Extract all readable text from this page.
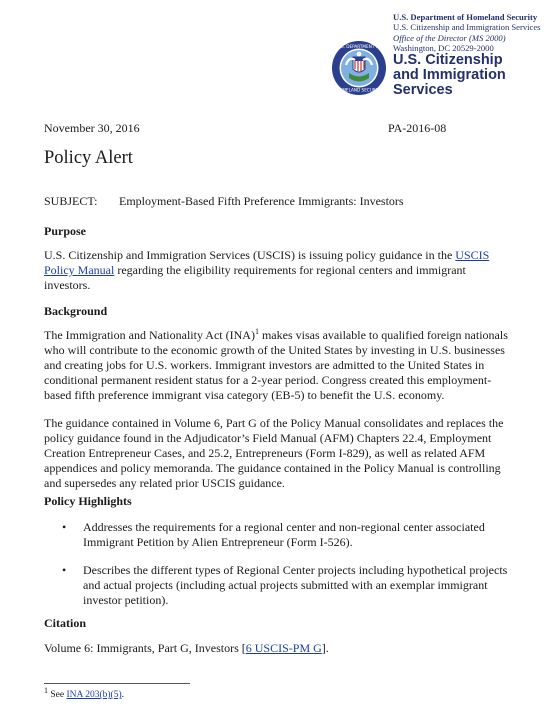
U.S. DEPARTMENT OF
HOMELAND SECURITY
U.S. Department of Homeland Security
U.S. Citizenship and Immigration Services
Office of the Director (MS 2000)
Washington, DC 20529-2000
U.S. Citizenship
and Immigration
Services
November 30, 2016	PA-2016-08
Policy Alert
SUBJECT: Employment-Based Fifth Preference Immigrants: Investors
Purpose
U.S. Citizenship and Immigration Services (USCIS) is issuing policy guidance in the USCIS Policy Manual regarding the eligibility requirements for regional centers and immigrant investors.
Background
The Immigration and Nationality Act (INA)$^1$ makes visas available to qualified foreign nationals who will contribute to the economic growth of the United States by investing in U.S. businesses and creating jobs for U.S. workers. Immigrant investors are admitted to the United States in conditional permanent resident status for a 2-year period. Congress created this employment-based fifth preference immigrant visa category (EB-5) to benefit the U.S. economy.
The guidance contained in Volume 6, Part G of the Policy Manual consolidates and replaces the policy guidance found in the Adjudicator’s Field Manual (AFM) Chapters 22.4, Employment Creation Entrepreneur Cases, and 25.2, Entrepreneurs (Form I-829), as well as related AFM appendices and policy memoranda. The guidance contained in the Policy Manual is controlling and supersedes any related prior USCIS guidance.
Policy Highlights
• Addresses the requirements for a regional center and non-regional center associated Immigrant Petition by Alien Entrepreneur (Form I-526).
• Describes the different types of Regional Center projects including hypothetical projects and actual projects (including actual projects submitted with an exemplar immigrant investor petition).
Citation
Volume 6: Immigrants, Part G, Investors [6 USCIS-PM G].
$^1$ See INA 203(b)(5).
